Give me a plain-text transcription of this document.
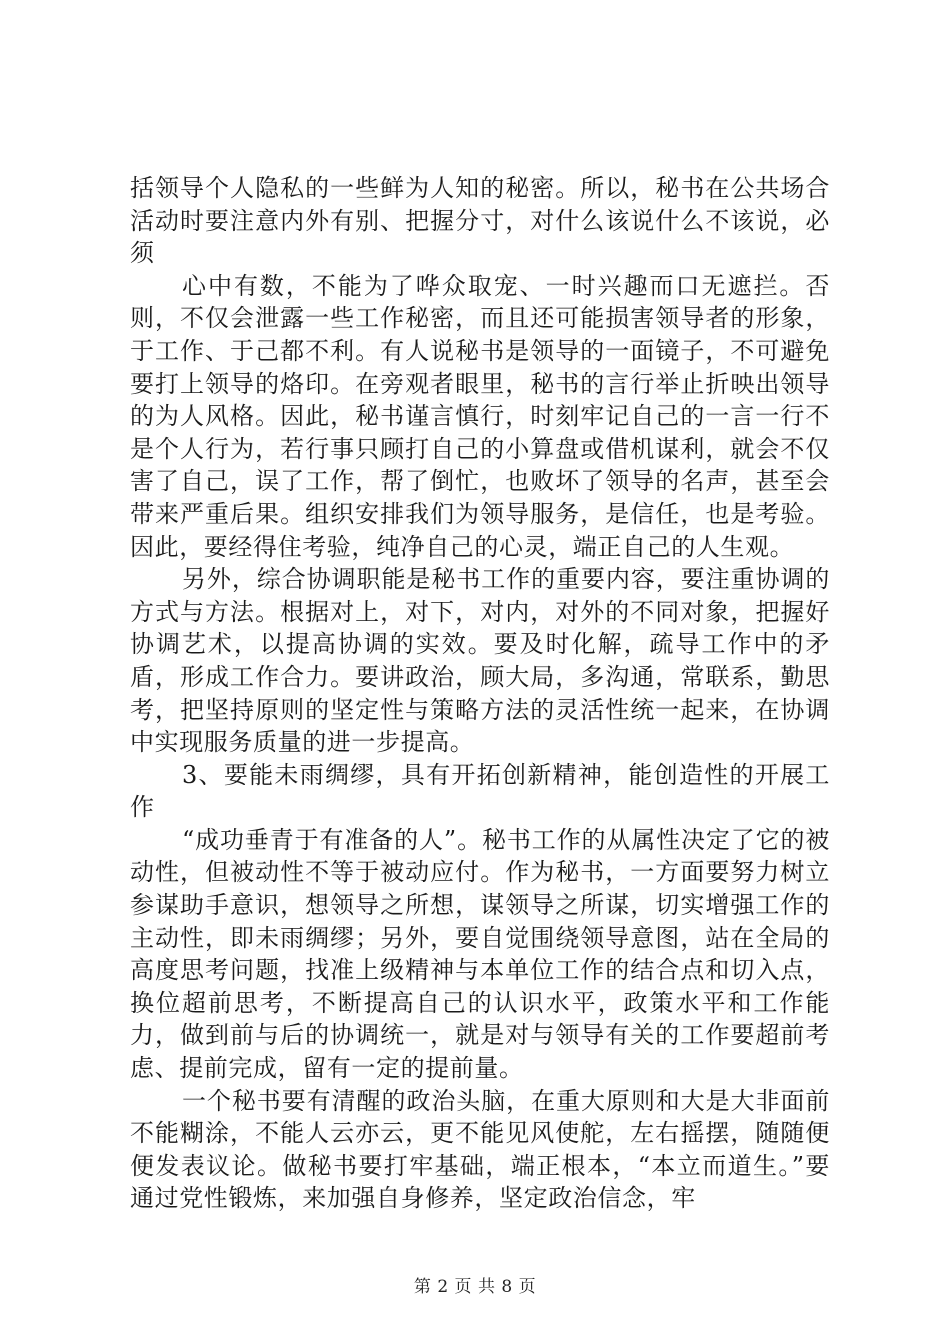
括领导个人隐私的一些鲜为人知的秘密。所以，秘书在公共场合活动时要注意内外有别、把握分寸，对什么该说什么不该说，必须

心中有数，不能为了哗众取宠、一时兴趣而口无遮拦。否则，不仅会泄露一些工作秘密，而且还可能损害领导者的形象，于工作、于己都不利。有人说秘书是领导的一面镜子，不可避免要打上领导的烙印。在旁观者眼里，秘书的言行举止折映出领导的为人风格。因此，秘书谨言慎行，时刻牢记自己的一言一行不是个人行为，若行事只顾打自己的小算盘或借机谋利，就会不仅害了自己，误了工作，帮了倒忙，也败坏了领导的名声，甚至会带来严重后果。组织安排我们为领导服务，是信任，也是考验。因此，要经得住考验，纯净自己的心灵，端正自己的人生观。

另外，综合协调职能是秘书工作的重要内容，要注重协调的方式与方法。根据对上，对下，对内，对外的不同对象，把握好协调艺术，以提高协调的实效。要及时化解，疏导工作中的矛盾，形成工作合力。要讲政治，顾大局，多沟通，常联系，勤思考，把坚持原则的坚定性与策略方法的灵活性统一起来，在协调中实现服务质量的进一步提高。

3、要能未雨绸缪，具有开拓创新精神，能创造性的开展工作

“成功垂青于有准备的人”。秘书工作的从属性决定了它的被动性，但被动性不等于被动应付。作为秘书，一方面要努力树立参谋助手意识，想领导之所想，谋领导之所谋，切实增强工作的主动性，即未雨绸缪；另外，要自觉围绕领导意图，站在全局的高度思考问题，找准上级精神与本单位工作的结合点和切入点，换位超前思考，不断提高自己的认识水平，政策水平和工作能力，做到前与后的协调统一，就是对与领导有关的工作要超前考虑、提前完成，留有一定的提前量。

一个秘书要有清醒的政治头脑，在重大原则和大是大非面前不能糊涂，不能人云亦云，更不能见风使舵，左右摇摆，随随便便发表议论。做秘书要打牢基础，端正根本，“本立而道生。”要通过党性锻炼，来加强自身修养，坚定政治信念，牢

第 2 页 共 8 页
